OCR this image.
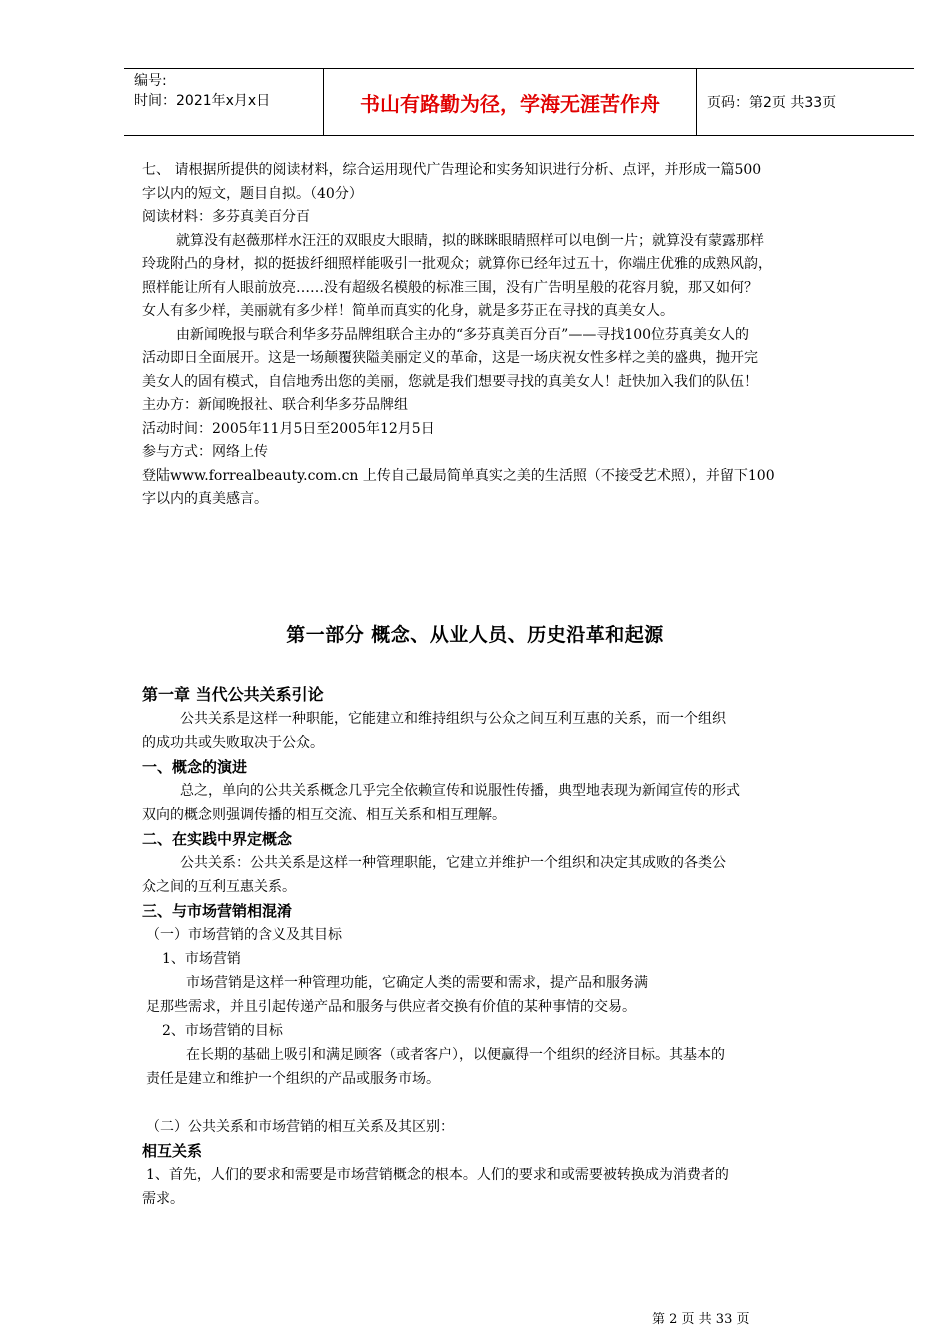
编号:
时间：2021年x月x日	书山有路勤为径，学海无涯苦作舟	页码：第2页 共33页
七、 请根据所提供的阅读材料，综合运用现代广告理论和实务知识进行分析、点评，并形成一篇500
字以内的短文，题目自拟。（40分）
阅读材料：多芬真美百分百
就算没有赵薇那样水汪汪的双眼皮大眼睛，拟的眯眯眼睛照样可以电倒一片；就算没有蒙露那样
玲珑附凸的身材，拟的挺拔纤细照样能吸引一批观众；就算你已经年过五十，你端庄优雅的成熟风韵，
照样能让所有人眼前放亮……没有超级名模般的标准三围，没有广告明星般的花容月貌，那又如何？
女人有多少样，美丽就有多少样！简单而真实的化身，就是多芬正在寻找的真美女人。
由新闻晚报与联合利华多芬品牌组联合主办的“多芬真美百分百”——寻找100位芬真美女人的
活动即日全面展开。这是一场颠覆狭隘美丽定义的革命，这是一场庆祝女性多样之美的盛典，抛开完
美女人的固有模式，自信地秀出您的美丽，您就是我们想要寻找的真美女人！赶快加入我们的队伍！
主办方：新闻晚报社、联合利华多芬品牌组
活动时间：2005年11月5日至2005年12月5日
参与方式：网络上传
登陆www.forrealbeauty.com.cn 上传自己最局简单真实之美的生活照（不接受艺术照），并留下100
字以内的真美感言。
第一部分 概念、从业人员、历史沿革和起源
第一章 当代公共关系引论
公共关系是这样一种职能，它能建立和维持组织与公众之间互利互惠的关系，而一个组织
的成功共或失败取决于公众。
一、概念的演进
总之，单向的公共关系概念几乎完全依赖宣传和说服性传播，典型地表现为新闻宣传的形式
双向的概念则强调传播的相互交流、相互关系和相互理解。
二、在实践中界定概念
公共关系：公共关系是这样一种管理职能，它建立并维护一个组织和决定其成败的各类公
众之间的互利互惠关系。
三、与市场营销相混淆
（一）市场营销的含义及其目标
1、市场营销
市场营销是这样一种管理功能，它确定人类的需要和需求，提产品和服务满
足那些需求，并且引起传递产品和服务与供应者交换有价值的某种事情的交易。
2、市场营销的目标
在长期的基础上吸引和满足顾客（或者客户），以便赢得一个组织的经济目标。其基本的
责任是建立和维护一个组织的产品或服务市场。
（二）公共关系和市场营销的相互关系及其区别：
相互关系
1、首先，人们的要求和需要是市场营销概念的根本。人们的要求和或需要被转换成为消费者的
需求。
第 2 页 共 33 页
